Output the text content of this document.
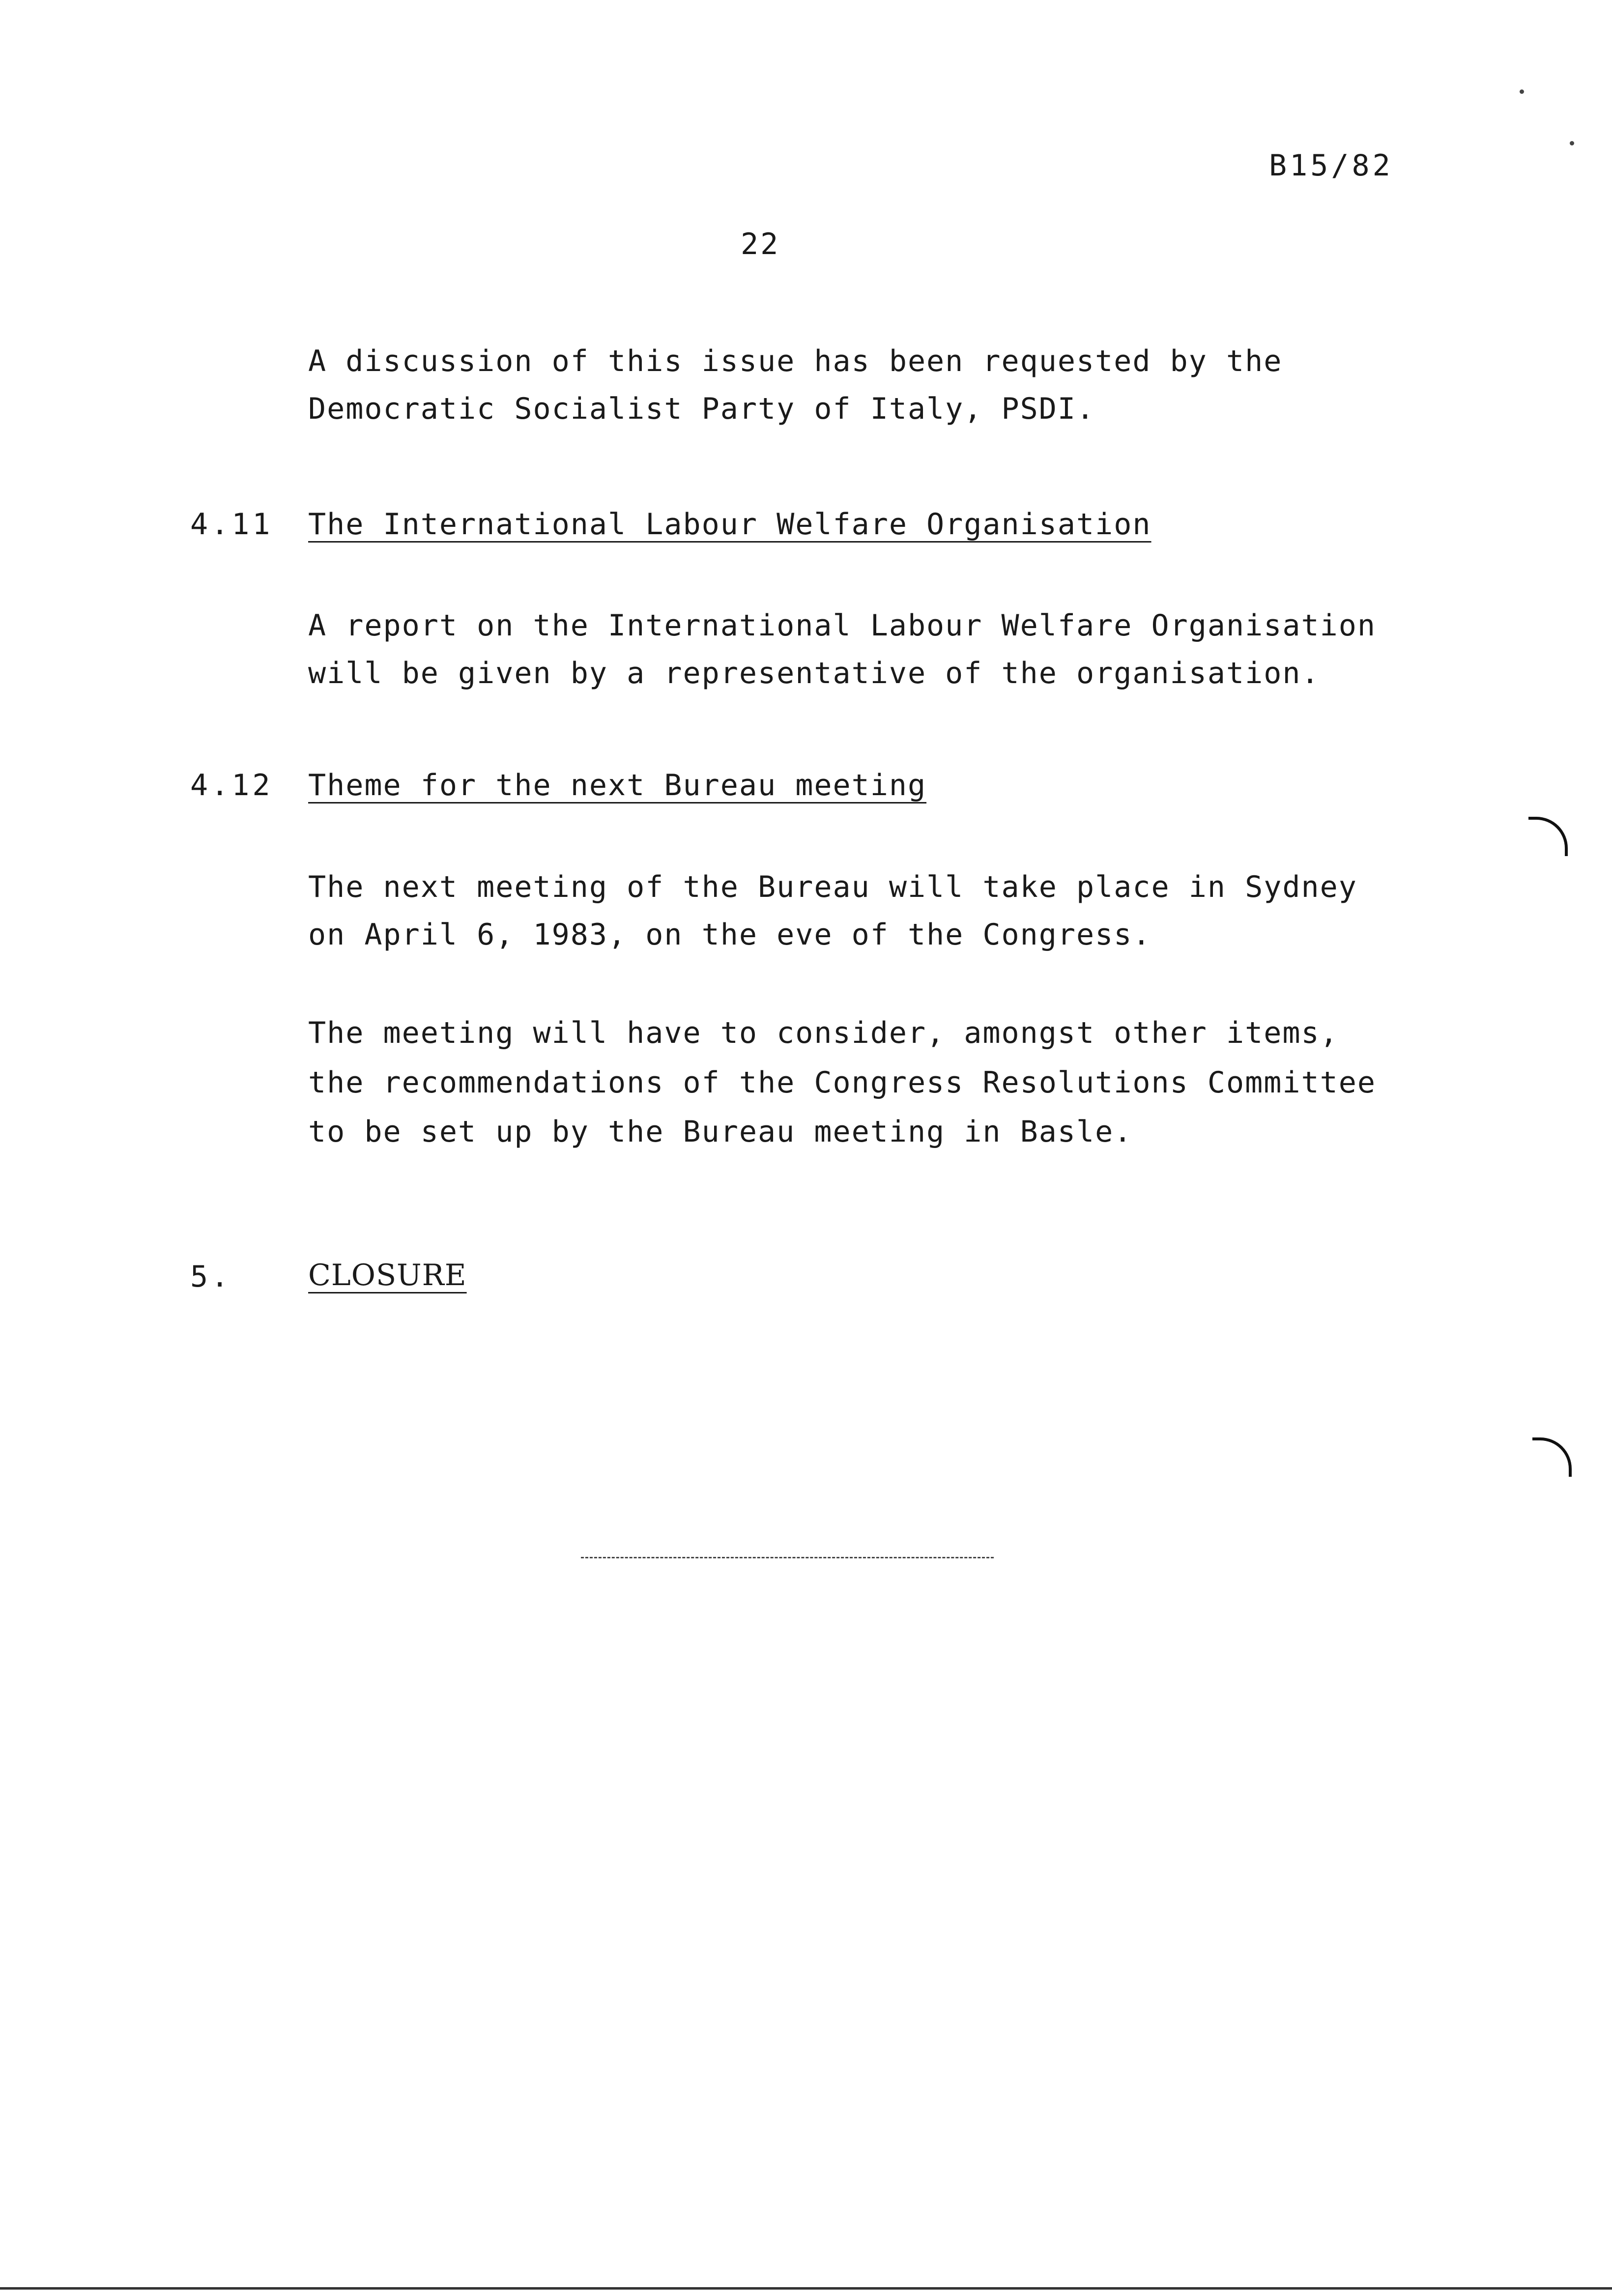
B15/82
22
A discussion of this issue has been requested by the
Democratic Socialist Party of Italy, PSDI.
4.11 The International Labour Welfare Organisation
A report on the International Labour Welfare Organisation
will be given by a representative of the organisation.
4.12 Theme for the next Bureau meeting
The next meeting of the Bureau will take place in Sydney
on April 6, 1983, on the eve of the Congress.
The meeting will have to consider, amongst other items,
the recommendations of the Congress Resolutions Committee
to be set up by the Bureau meeting in Basle.
5.	CLOSURE
